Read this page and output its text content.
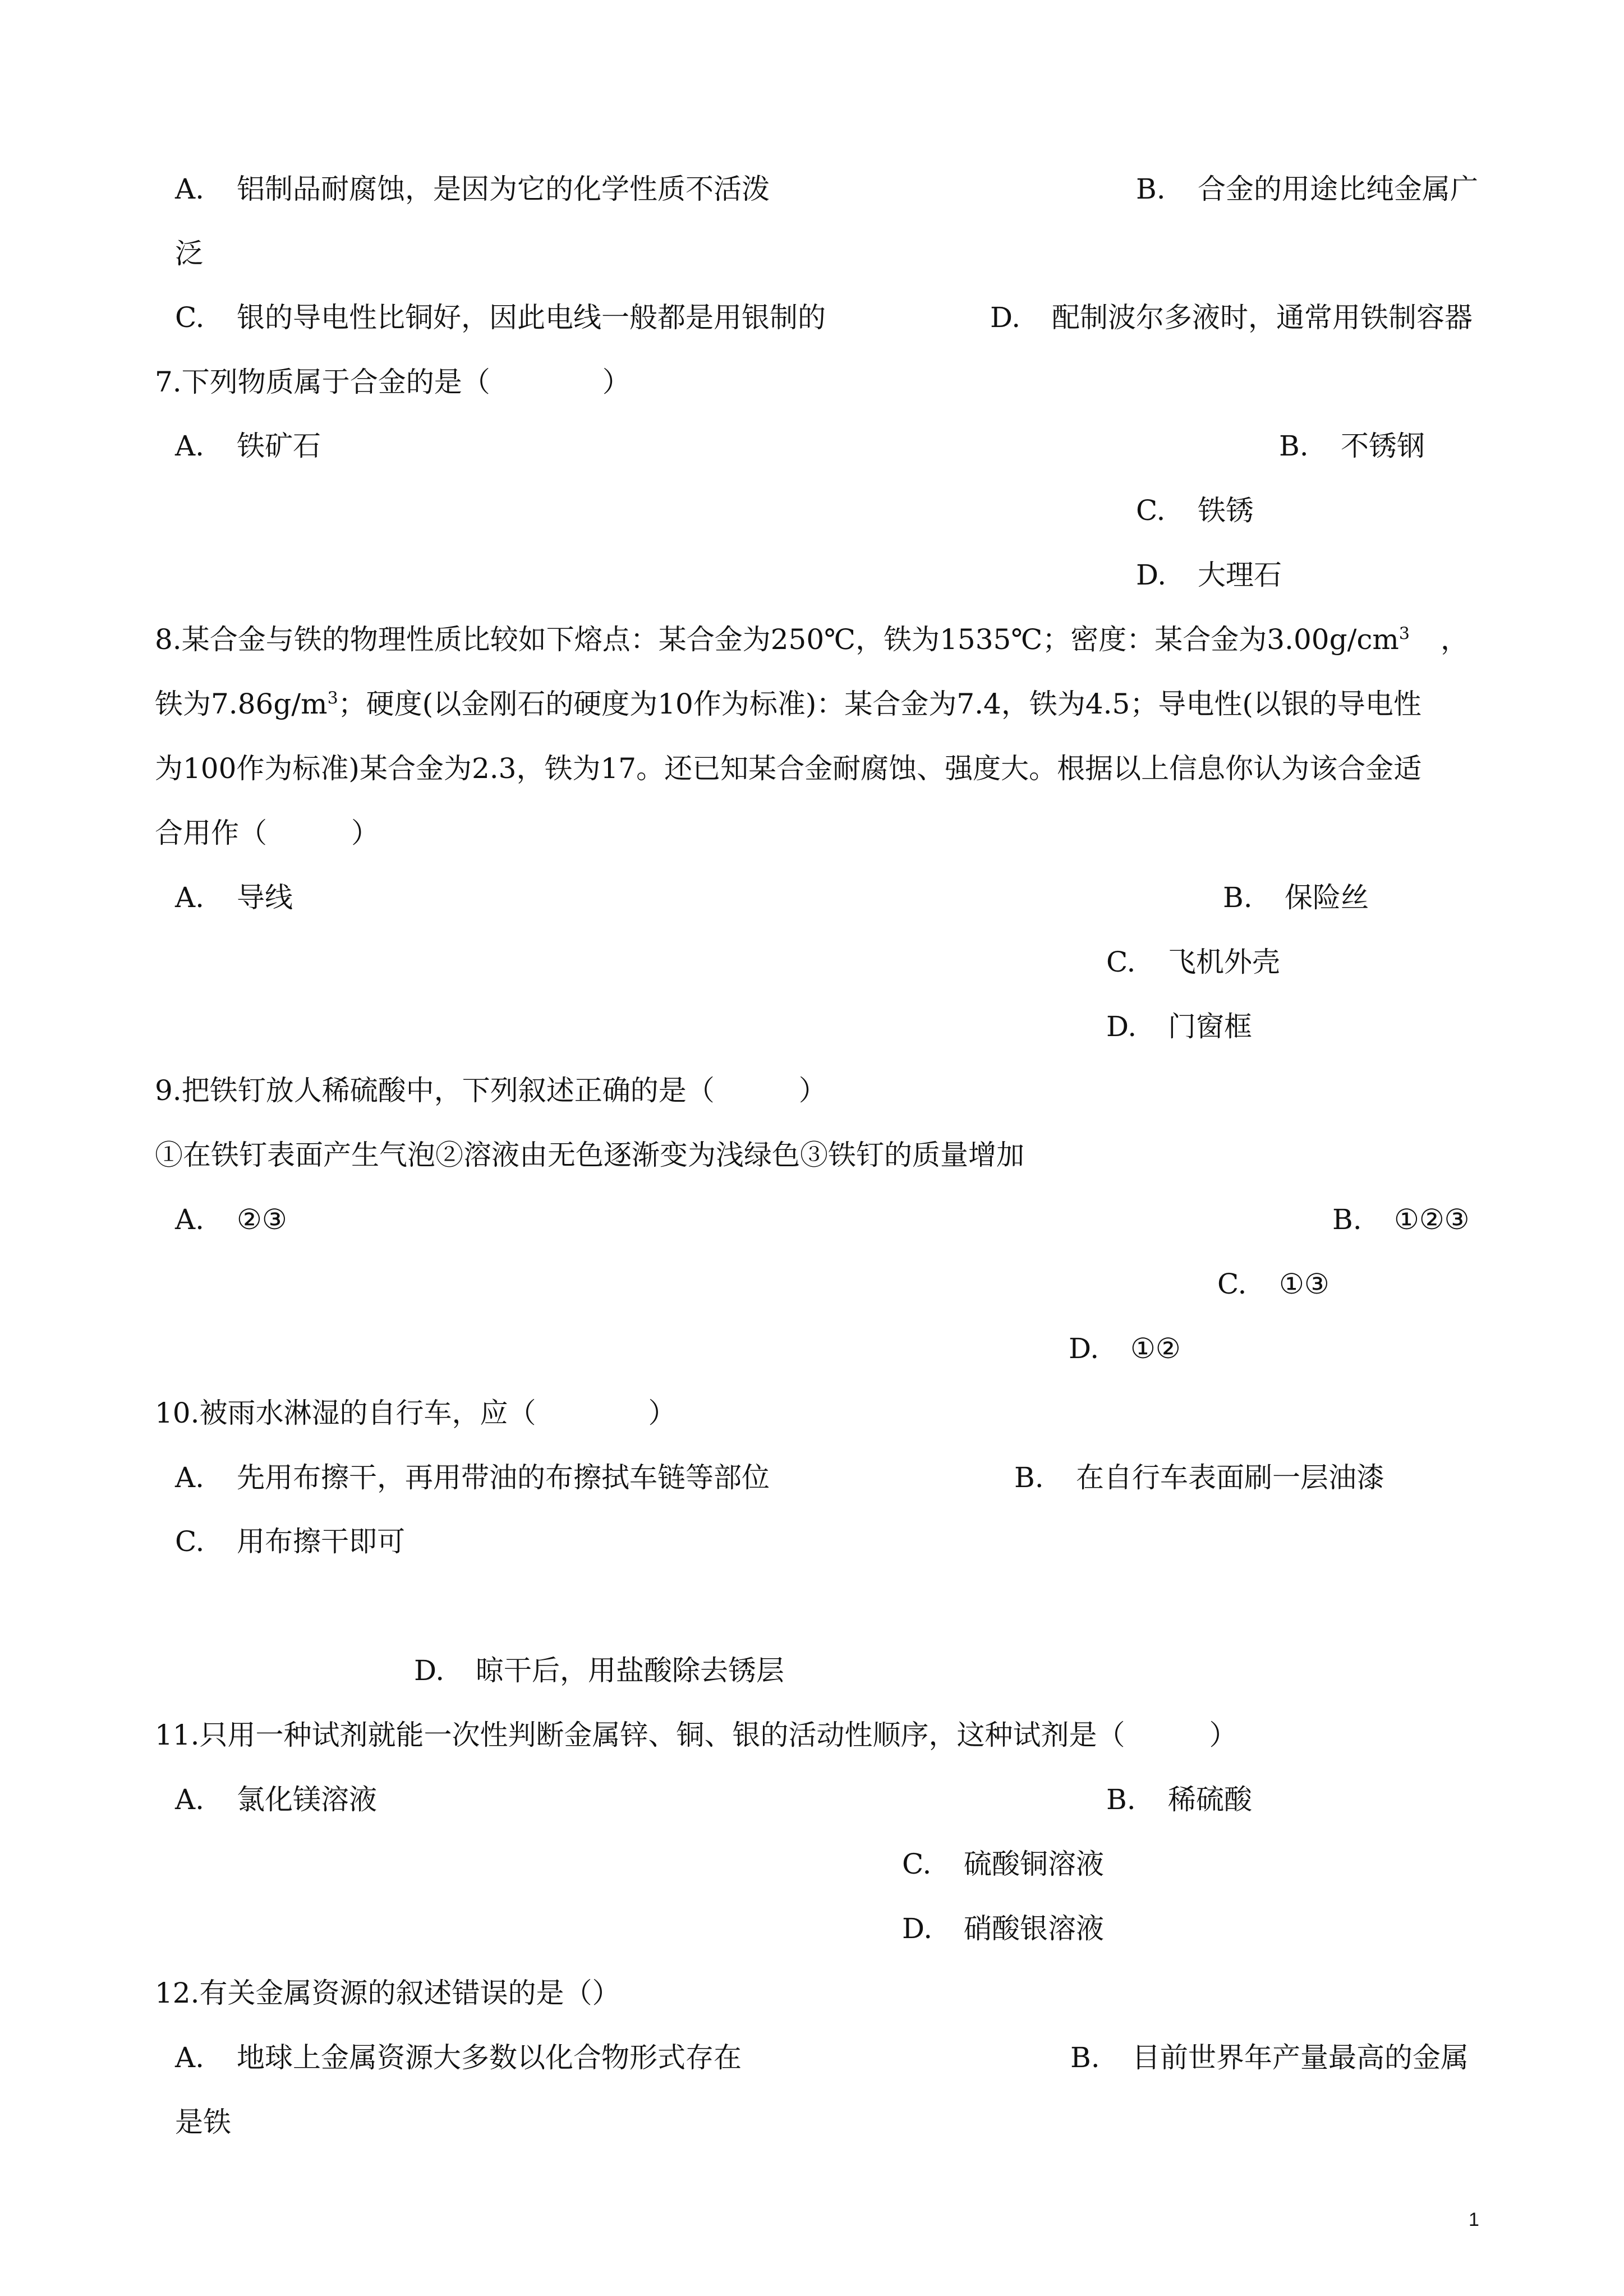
A. 铝制品耐腐蚀，是因为它的化学性质不活泼	B. 合金的用途比纯金属广
泛
C. 银的导电性比铜好，因此电线一般都是用银制的	D. 配制波尔多液时，通常用铁制容器
7.下列物质属于合金的是（　　　　）
A. 铁矿石	B. 不锈钢
C. 铁锈
D. 大理石
8.某合金与铁的物理性质比较如下熔点：某合金为250℃，铁为1535℃；密度：某合金为$3.00g/cm^3$ ，
铁为$7.86g/m^3$；硬度(以金刚石的硬度为10作为标准)：某合金为7.4，铁为4.5；导电性(以银的导电性
为100作为标准)某合金为2.3，铁为17。还已知某合金耐腐蚀、强度大。根据以上信息你认为该合金适
合用作（　　　）
A. 导线	B. 保险丝
C. 飞机外壳
D. 门窗框
9.把铁钉放人稀硫酸中，下列叙述正确的是（　　　）
①在铁钉表面产生气泡②溶液由无色逐渐变为浅绿色③铁钉的质量增加
A. ②③	B. ①②③
C. ①③
D. ①②
10.被雨水淋湿的自行车，应（　　　　）
A. 先用布擦干，再用带油的布擦拭车链等部位	B. 在自行车表面刷一层油漆
C. 用布擦干即可
D. 晾干后，用盐酸除去锈层
11.只用一种试剂就能一次性判断金属锌、铜、银的活动性顺序，这种试剂是（　　　）
A. 氯化镁溶液	B. 稀硫酸
C. 硫酸铜溶液
D. 硝酸银溶液
12.有关金属资源的叙述错误的是（）
A. 地球上金属资源大多数以化合物形式存在	B. 目前世界年产量最高的金属
是铁
1
